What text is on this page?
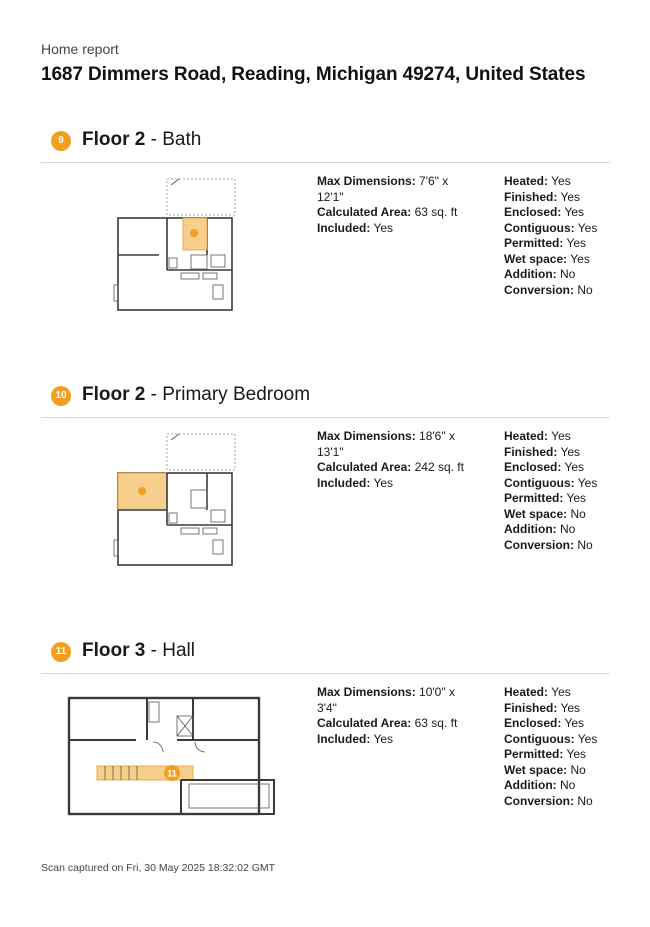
Home report
1687 Dimmers Road, Reading, Michigan 49274, United States
9 Floor 2 - Bath
Max Dimensions: 7'6" x 12'1"
Calculated Area: 63 sq. ft
Included: Yes
Heated: Yes
Finished: Yes
Enclosed: Yes
Contiguous: Yes
Permitted: Yes
Wet space: Yes
Addition: No
Conversion: No
10 Floor 2 - Primary Bedroom
Max Dimensions: 18'6" x 13'1"
Calculated Area: 242 sq. ft
Included: Yes
Heated: Yes
Finished: Yes
Enclosed: Yes
Contiguous: Yes
Permitted: Yes
Wet space: No
Addition: No
Conversion: No
11 Floor 3 - Hall
11
Max Dimensions: 10'0" x 3'4"
Calculated Area: 63 sq. ft
Included: Yes
Heated: Yes
Finished: Yes
Enclosed: Yes
Contiguous: Yes
Permitted: Yes
Wet space: No
Addition: No
Conversion: No
Scan captured on Fri, 30 May 2025 18:32:02 GMT
